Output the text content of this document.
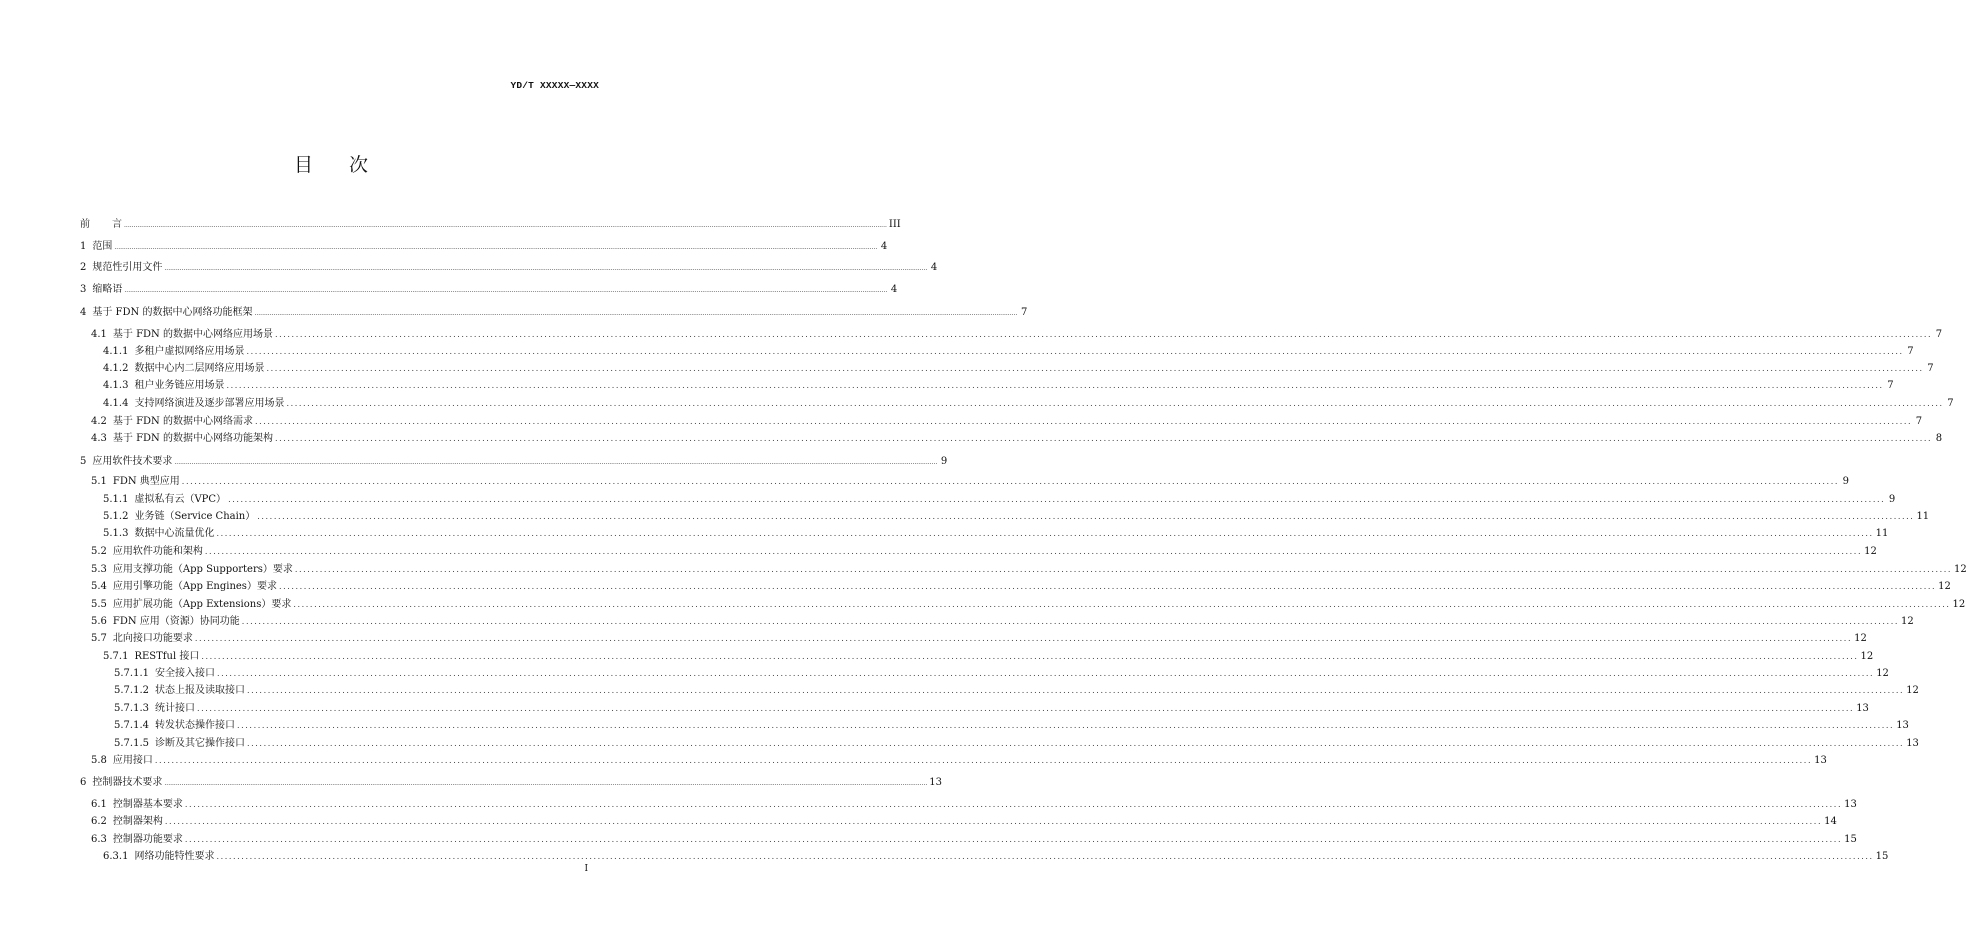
YD/T XXXXX—XXXX
目 次
前 言 ................................................................................................................................................................................................................................................................................................................................................................................................................ III
1 范围 ................................................................................................................................................................................................................................................................................................................................................................................................................ 4
2 规范性引用文件 ................................................................................................................................................................................................................................................................................................................................................................................................................ 4
3 缩略语 ................................................................................................................................................................................................................................................................................................................................................................................................................ 4
4 基于 FDN 的数据中心网络功能框架 ................................................................................................................................................................................................................................................................................................................................................................................................................ 7
4.1 基于 FDN 的数据中心网络应用场景 ................................................................................................................................................................................................................................................................................................................................................................................................................ 7
4.1.1 多租户虚拟网络应用场景 ................................................................................................................................................................................................................................................................................................................................................................................................................ 7
4.1.2 数据中心内二层网络应用场景 ................................................................................................................................................................................................................................................................................................................................................................................................................ 7
4.1.3 租户业务链应用场景 ................................................................................................................................................................................................................................................................................................................................................................................................................ 7
4.1.4 支持网络演进及逐步部署应用场景 ................................................................................................................................................................................................................................................................................................................................................................................................................ 7
4.2 基于 FDN 的数据中心网络需求 ................................................................................................................................................................................................................................................................................................................................................................................................................ 7
4.3 基于 FDN 的数据中心网络功能架构 ................................................................................................................................................................................................................................................................................................................................................................................................................ 8
5 应用软件技术要求 ................................................................................................................................................................................................................................................................................................................................................................................................................ 9
5.1 FDN 典型应用 ................................................................................................................................................................................................................................................................................................................................................................................................................ 9
5.1.1 虚拟私有云（VPC） ................................................................................................................................................................................................................................................................................................................................................................................................................ 9
5.1.2 业务链（Service Chain） ................................................................................................................................................................................................................................................................................................................................................................................................................ 11
5.1.3 数据中心流量优化 ................................................................................................................................................................................................................................................................................................................................................................................................................ 11
5.2 应用软件功能和架构 ................................................................................................................................................................................................................................................................................................................................................................................................................ 12
5.3 应用支撑功能（App Supporters）要求 ................................................................................................................................................................................................................................................................................................................................................................................................................ 12
5.4 应用引擎功能（App Engines）要求 ................................................................................................................................................................................................................................................................................................................................................................................................................ 12
5.5 应用扩展功能（App Extensions）要求 ................................................................................................................................................................................................................................................................................................................................................................................................................ 12
5.6 FDN 应用（资源）协同功能 ................................................................................................................................................................................................................................................................................................................................................................................................................ 12
5.7 北向接口功能要求 ................................................................................................................................................................................................................................................................................................................................................................................................................ 12
5.7.1 RESTful 接口 ................................................................................................................................................................................................................................................................................................................................................................................................................ 12
5.7.1.1 安全接入接口 ................................................................................................................................................................................................................................................................................................................................................................................................................ 12
5.7.1.2 状态上报及读取接口 ................................................................................................................................................................................................................................................................................................................................................................................................................ 12
5.7.1.3 统计接口 ................................................................................................................................................................................................................................................................................................................................................................................................................ 13
5.7.1.4 转发状态操作接口 ................................................................................................................................................................................................................................................................................................................................................................................................................ 13
5.7.1.5 诊断及其它操作接口 ................................................................................................................................................................................................................................................................................................................................................................................................................ 13
5.8 应用接口 ................................................................................................................................................................................................................................................................................................................................................................................................................ 13
6 控制器技术要求 ................................................................................................................................................................................................................................................................................................................................................................................................................ 13
6.1 控制器基本要求 ................................................................................................................................................................................................................................................................................................................................................................................................................ 13
6.2 控制器架构 ................................................................................................................................................................................................................................................................................................................................................................................................................ 14
6.3 控制器功能要求 ................................................................................................................................................................................................................................................................................................................................................................................................................ 15
6.3.1 网络功能特性要求 ................................................................................................................................................................................................................................................................................................................................................................................................................ 15
I
